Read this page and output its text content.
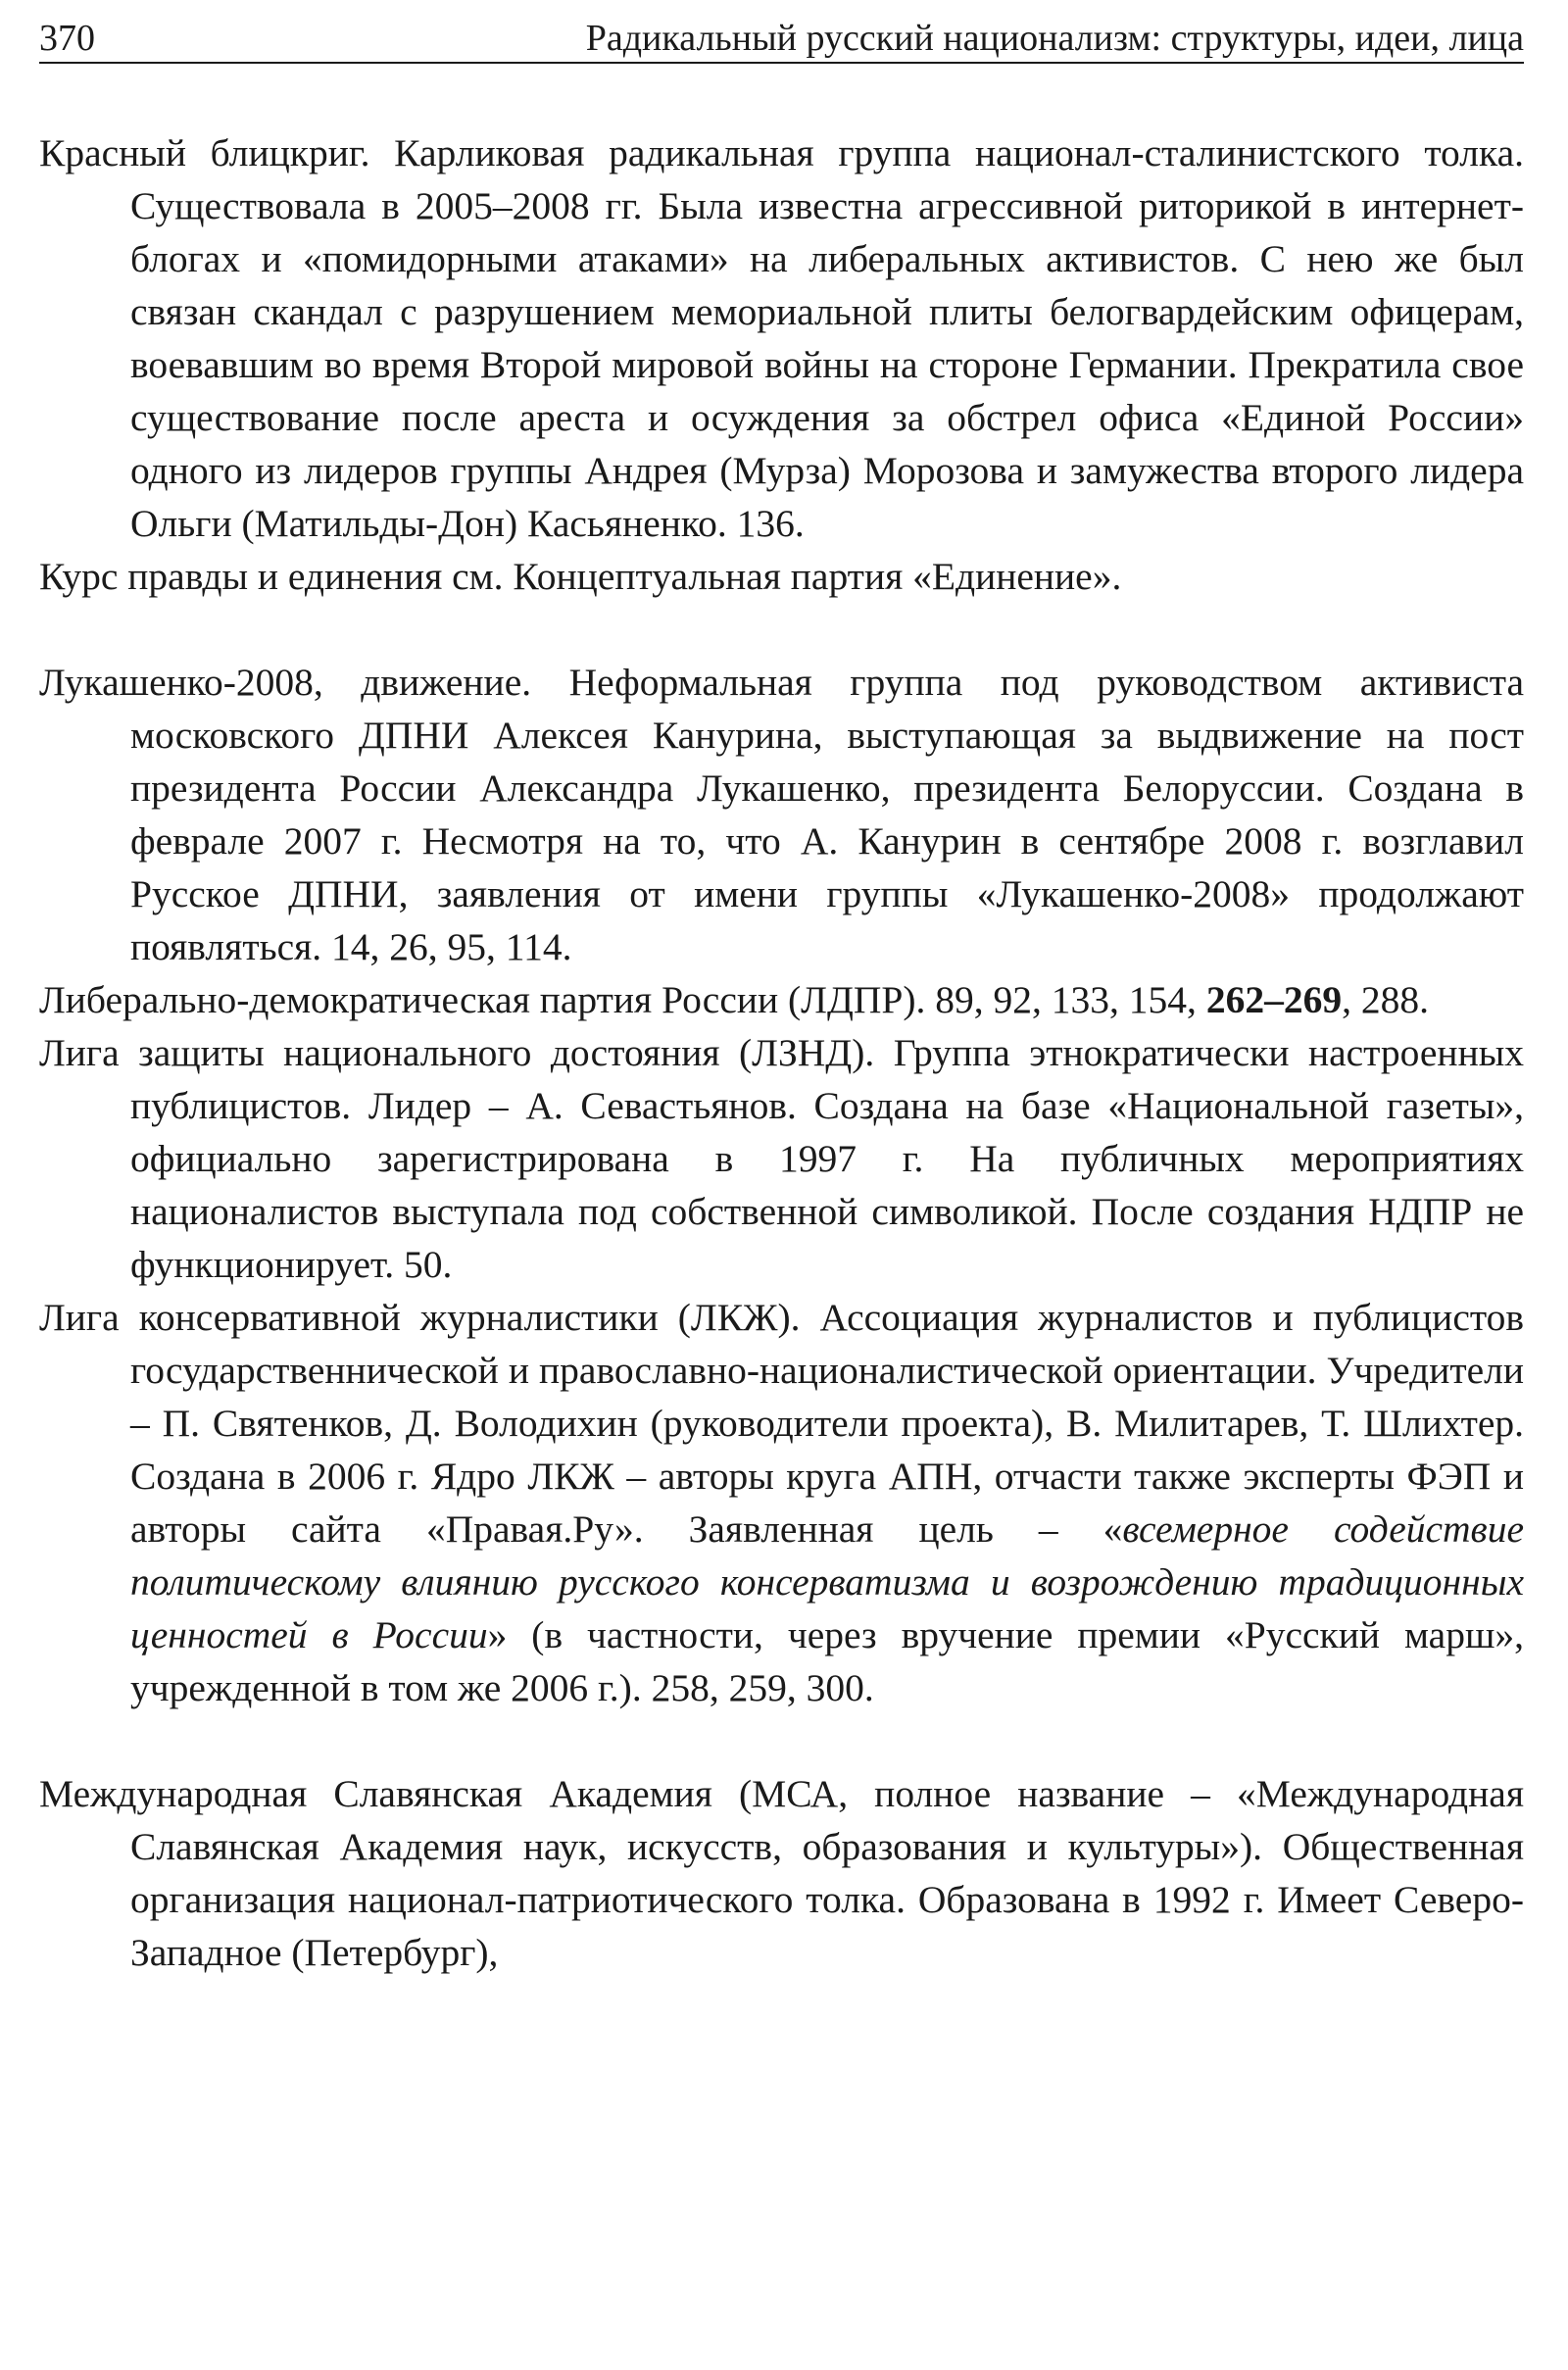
370	Радикальный русский национализм: структуры, идеи, лица

Красный блицкриг. Карликовая радикальная группа национал-сталинистского толка. Существовала в 2005–2008 гг. Была известна агрессивной риторикой в интернет-блогах и «помидорными атаками» на либеральных активистов. С нею же был связан скандал с разрушением мемориальной плиты белогвардейским офицерам, воевавшим во время Второй мировой войны на стороне Германии. Прекратила свое существование после ареста и осуждения за обстрел офиса «Единой России» одного из лидеров группы Андрея (Мурза) Морозова и замужества второго лидера Ольги (Матильды-Дон) Касьяненко. 136.

Курс правды и единения см. Концептуальная партия «Единение».

Лукашенко-2008, движение. Неформальная группа под руководством активиста московского ДПНИ Алексея Канурина, выступающая за выдвижение на пост президента России Александра Лукашенко, президента Белоруссии. Создана в феврале 2007 г. Несмотря на то, что А. Канурин в сентябре 2008 г. возглавил Русское ДПНИ, заявления от имени группы «Лукашенко-2008» продолжают появляться. 14, 26, 95, 114.

Либерально-демократическая партия России (ЛДПР). 89, 92, 133, 154, 262–269, 288.

Лига защиты национального достояния (ЛЗНД). Группа этнократически настроенных публицистов. Лидер – А. Севастьянов. Создана на базе «Национальной газеты», официально зарегистрирована в 1997 г. На публичных мероприятиях националистов выступала под собственной символикой. После создания НДПР не функционирует. 50.

Лига консервативной журналистики (ЛКЖ). Ассоциация журналистов и публицистов государственнической и православно-националистической ориентации. Учредители – П. Святенков, Д. Володихин (руководители проекта), В. Милитарев, Т. Шлихтер. Создана в 2006 г. Ядро ЛКЖ – авторы круга АПН, отчасти также эксперты ФЭП и авторы сайта «Правая.Ру». Заявленная цель – «всемерное содействие политическому влиянию русского консерватизма и возрождению традиционных ценностей в России» (в частности, через вручение премии «Русский марш», учрежденной в том же 2006 г.). 258, 259, 300.

Международная Славянская Академия (МСА, полное название – «Международная Славянская Академия наук, искусств, образования и культуры»). Общественная организация национал-патриотического толка. Образована в 1992 г. Имеет Северо-Западное (Петербург),
